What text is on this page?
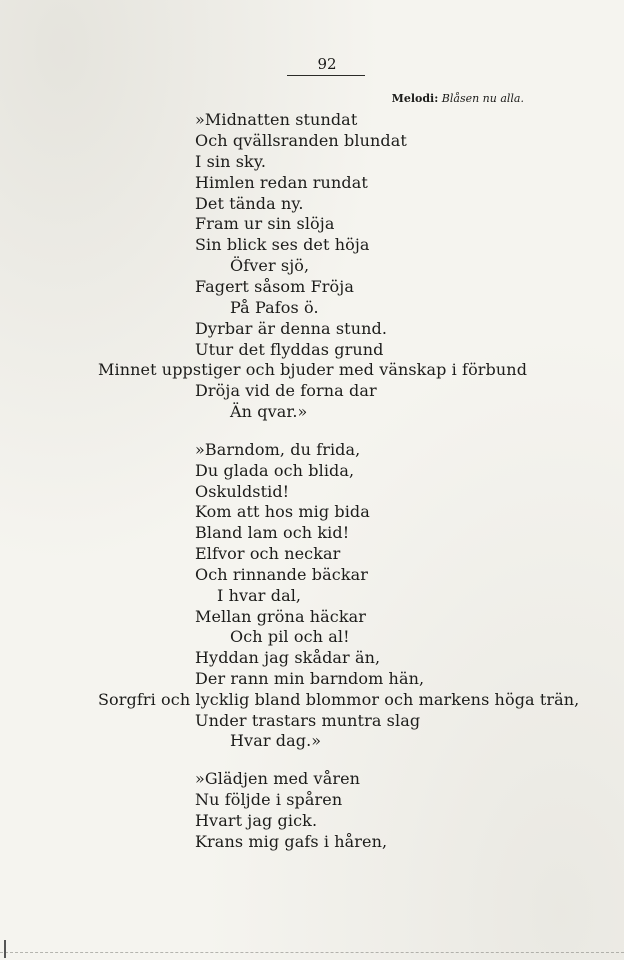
92
Melodi: Blåsen nu alla.
»Midnatten stundat
Och qvällsranden blundat
I sin sky.
Himlen redan rundat
Det tända ny.
Fram ur sin slöja
Sin blick ses det höja
Öfver sjö,
Fagert såsom Fröja
På Pafos ö.
Dyrbar är denna stund.
Utur det flyddas grund
Minnet uppstiger och bjuder med vänskap i förbund
Dröja vid de forna dar
Än qvar.»
»Barndom, du frida,
Du glada och blida,
Oskuldstid!
Kom att hos mig bida
Bland lam och kid!
Elfvor och neckar
Och rinnande bäckar
I hvar dal,
Mellan gröna häckar
Och pil och al!
Hyddan jag skådar än,
Der rann min barndom hän,
Sorgfri och lycklig bland blommor och markens höga trän,
Under trastars muntra slag
Hvar dag.»
»Glädjen med våren
Nu följde i spåren
Hvart jag gick.
Krans mig gafs i håren,
